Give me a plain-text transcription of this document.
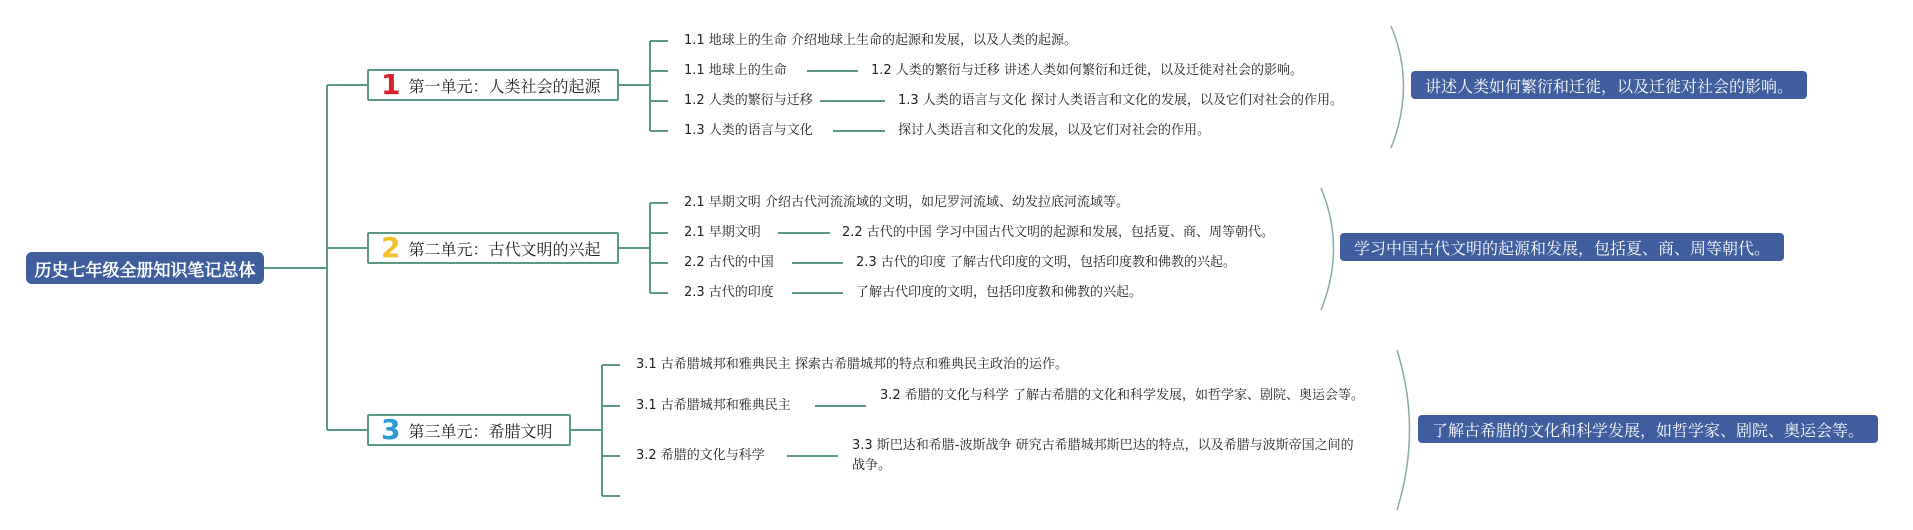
历史七年级全册知识笔记总体
1 第一单元：人类社会的起源
1.1 地球上的生命 介绍地球上生命的起源和发展，以及人类的起源。
1.1 地球上的生命	1.2 人类的繁衍与迁移 讲述人类如何繁衍和迁徙，以及迁徙对社会的影响。
1.2 人类的繁衍与迁移	1.3 人类的语言与文化 探讨人类语言和文化的发展，以及它们对社会的作用。
1.3 人类的语言与文化	探讨人类语言和文化的发展，以及它们对社会的作用。
讲述人类如何繁衍和迁徙，以及迁徙对社会的影响。
2 第二单元：古代文明的兴起
2.1 早期文明 介绍古代河流流域的文明，如尼罗河流域、幼发拉底河流域等。
2.1 早期文明	2.2 古代的中国 学习中国古代文明的起源和发展，包括夏、商、周等朝代。
2.2 古代的中国	2.3 古代的印度 了解古代印度的文明，包括印度教和佛教的兴起。
2.3 古代的印度	了解古代印度的文明，包括印度教和佛教的兴起。
学习中国古代文明的起源和发展，包括夏、商、周等朝代。
3 第三单元：希腊文明
3.1 古希腊城邦和雅典民主 探索古希腊城邦的特点和雅典民主政治的运作。
3.1 古希腊城邦和雅典民主
3.2 希腊的文化与科学 了解古希腊的文化和科学发展，如哲学家、剧院、奥运会等。
3.2 希腊的文化与科学
3.3 斯巴达和希腊-波斯战争 研究古希腊城邦斯巴达的特点，以及希腊与波斯帝国之间的战争。
了解古希腊的文化和科学发展，如哲学家、剧院、奥运会等。
